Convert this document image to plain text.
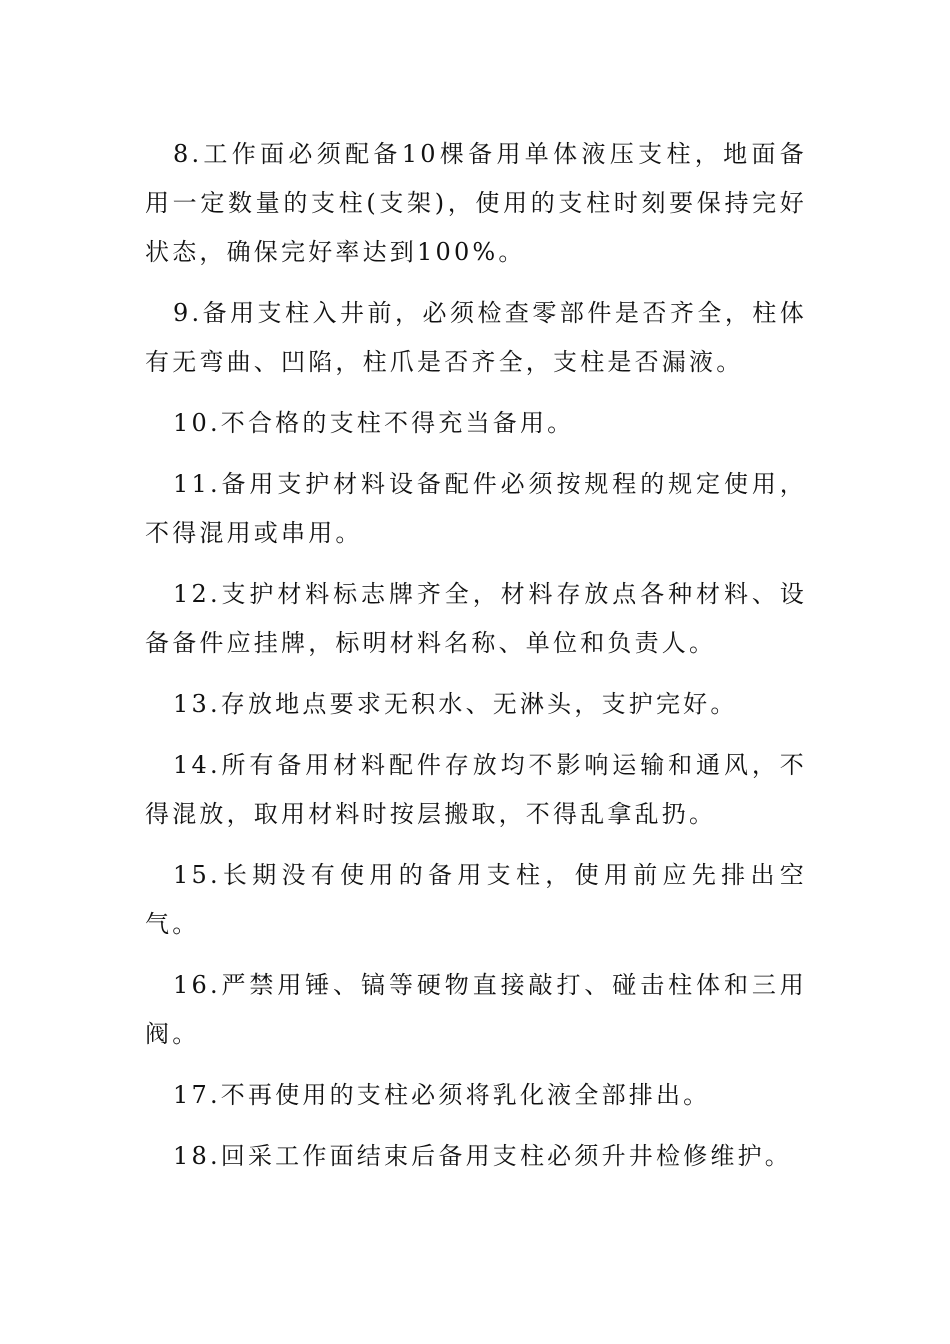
8.工作面必须配备10棵备用单体液压支柱，地面备用一定数量的支柱(支架)，使用的支柱时刻要保持完好状态，确保完好率达到100%。

9.备用支柱入井前，必须检查零部件是否齐全，柱体有无弯曲、凹陷，柱爪是否齐全，支柱是否漏液。

10.不合格的支柱不得充当备用。

11.备用支护材料设备配件必须按规程的规定使用，不得混用或串用。

12.支护材料标志牌齐全，材料存放点各种材料、设备备件应挂牌，标明材料名称、单位和负责人。

13.存放地点要求无积水、无淋头，支护完好。

14.所有备用材料配件存放均不影响运输和通风，不得混放，取用材料时按层搬取，不得乱拿乱扔。

15.长期没有使用的备用支柱，使用前应先排出空气。

16.严禁用锤、镐等硬物直接敲打、碰击柱体和三用阀。

17.不再使用的支柱必须将乳化液全部排出。

18.回采工作面结束后备用支柱必须升井检修维护。
